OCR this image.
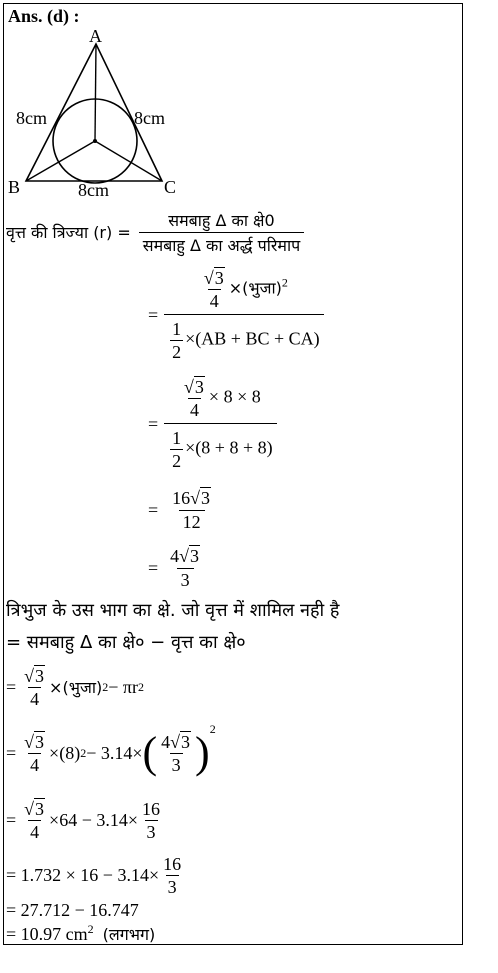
Ans. (d) :
A
B	C
8cm	8cm
8cm
वृत्त की त्रिज्या $(r) = \frac{\text{समबाहु Δ का क्षे0}}{\text{समबाहु Δ का अर्द्ध परिमाप}}$
= $\frac{\frac{√3}{4} \times(भुजा)^2}{\frac{1}{2} \times(AB + BC + CA)}$
= $\frac{\frac{√3}{4} \times 8 \times 8}{\frac{1}{2} \times(8 + 8 + 8)}$
= $\frac{16√3}{12}$
= $\frac{4√3}{3}$
त्रिभुज के उस भाग का क्षे. जो वृत्त में शामिल नही है
= समबाहु Δ का क्षे० − वृत्त का क्षे०
= $\frac{√3}{4}$ ×(भुजा) 2 − πr 2
= $\frac{√3}{4} \times(8) 2 - 3.14\times$ ( $\frac{4√3}{3} )^2$
= $\frac{√3}{4} \times 64 - 3.14\times \frac{16}{3}$
= $1.732 \times 16 - 3.14\times \frac{16}{3}$
= 27.712 − 16.747
= 10.97 $cm^2$ (लगभग)
